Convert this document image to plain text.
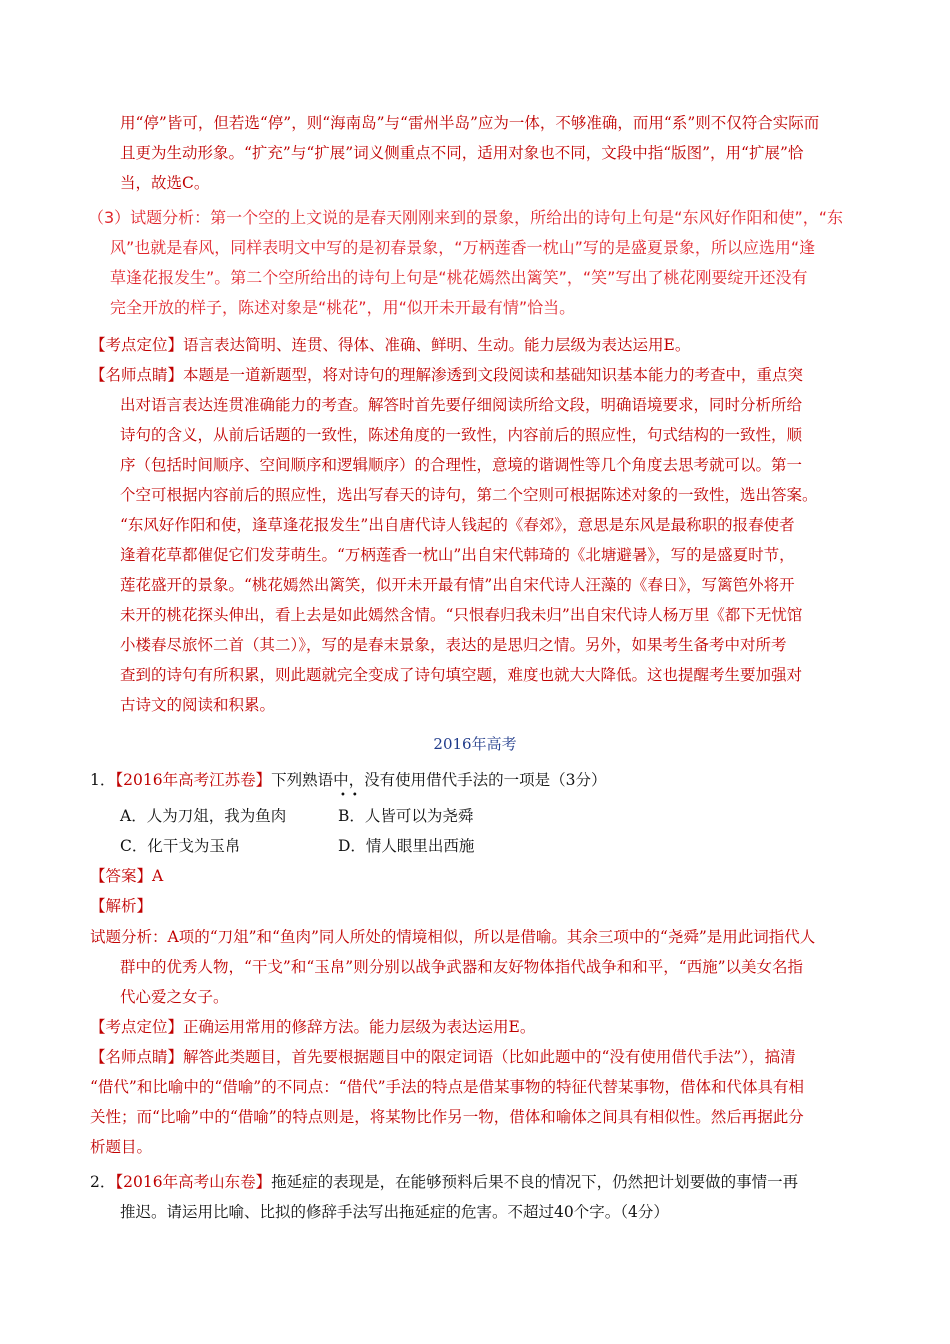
用“停”皆可，但若选“停”，则“海南岛”与“雷州半岛”应为一体，不够准确，而用“系”则不仅符合实际而
且更为生动形象。“扩充”与“扩展”词义侧重点不同，适用对象也不同，文段中指“版图”，用“扩展”恰
当，故选C。
（3）试题分析：第一个空的上文说的是春天刚刚来到的景象，所给出的诗句上句是“东风好作阳和使”，“东
风”也就是春风，同样表明文中写的是初春景象，“万柄莲香一枕山”写的是盛夏景象，所以应选用“逢
草逢花报发生”。第二个空所给出的诗句上句是“桃花嫣然出篱笑”，“笑”写出了桃花刚要绽开还没有
完全开放的样子，陈述对象是“桃花”，用“似开未开最有情”恰当。
【考点定位】语言表达简明、连贯、得体、准确、鲜明、生动。能力层级为表达运用E。
【名师点睛】本题是一道新题型，将对诗句的理解渗透到文段阅读和基础知识基本能力的考查中，重点突
出对语言表达连贯准确能力的考查。解答时首先要仔细阅读所给文段，明确语境要求，同时分析所给
诗句的含义，从前后话题的一致性，陈述角度的一致性，内容前后的照应性，句式结构的一致性，顺
序（包括时间顺序、空间顺序和逻辑顺序）的合理性，意境的谐调性等几个角度去思考就可以。第一
个空可根据内容前后的照应性，选出写春天的诗句，第二个空则可根据陈述对象的一致性，选出答案。
“东风好作阳和使，逢草逢花报发生”出自唐代诗人钱起的《春郊》，意思是东风是最称职的报春使者
逢着花草都催促它们发芽萌生。“万柄莲香一枕山”出自宋代韩琦的《北塘避暑》，写的是盛夏时节，
莲花盛开的景象。“桃花嫣然出篱笑，似开未开最有情”出自宋代诗人汪藻的《春日》，写篱笆外将开
未开的桃花探头伸出，看上去是如此嫣然含情。“只恨春归我未归”出自宋代诗人杨万里《都下无忧馆
小楼春尽旅怀二首（其二）》，写的是春末景象，表达的是思归之情。另外，如果考生备考中对所考
查到的诗句有所积累，则此题就完全变成了诗句填空题，难度也就大大降低。这也提醒考生要加强对
古诗文的阅读和积累。
2016年高考
1．【2016年高考江苏卷】下列熟语中，没有使用借代手法的一项是（3分）
••
A．人为刀俎，我为鱼肉	B．人皆可以为尧舜
C．化干戈为玉帛	D．情人眼里出西施
【答案】A
【解析】
试题分析：A项的“刀俎”和“鱼肉”同人所处的情境相似，所以是借喻。其余三项中的“尧舜”是用此词指代人
群中的优秀人物，“干戈”和“玉帛”则分别以战争武器和友好物体指代战争和和平，“西施”以美女名指
代心爱之女子。
【考点定位】正确运用常用的修辞方法。能力层级为表达运用E。
【名师点睛】解答此类题目，首先要根据题目中的限定词语（比如此题中的“没有使用借代手法”），搞清
“借代”和比喻中的“借喻”的不同点：“借代”手法的特点是借某事物的特征代替某事物，借体和代体具有相
关性；而“比喻”中的“借喻”的特点则是，将某物比作另一物，借体和喻体之间具有相似性。然后再据此分
析题目。
2．【2016年高考山东卷】拖延症的表现是，在能够预料后果不良的情况下，仍然把计划要做的事情一再
推迟。请运用比喻、比拟的修辞手法写出拖延症的危害。不超过40个字。（4分）
